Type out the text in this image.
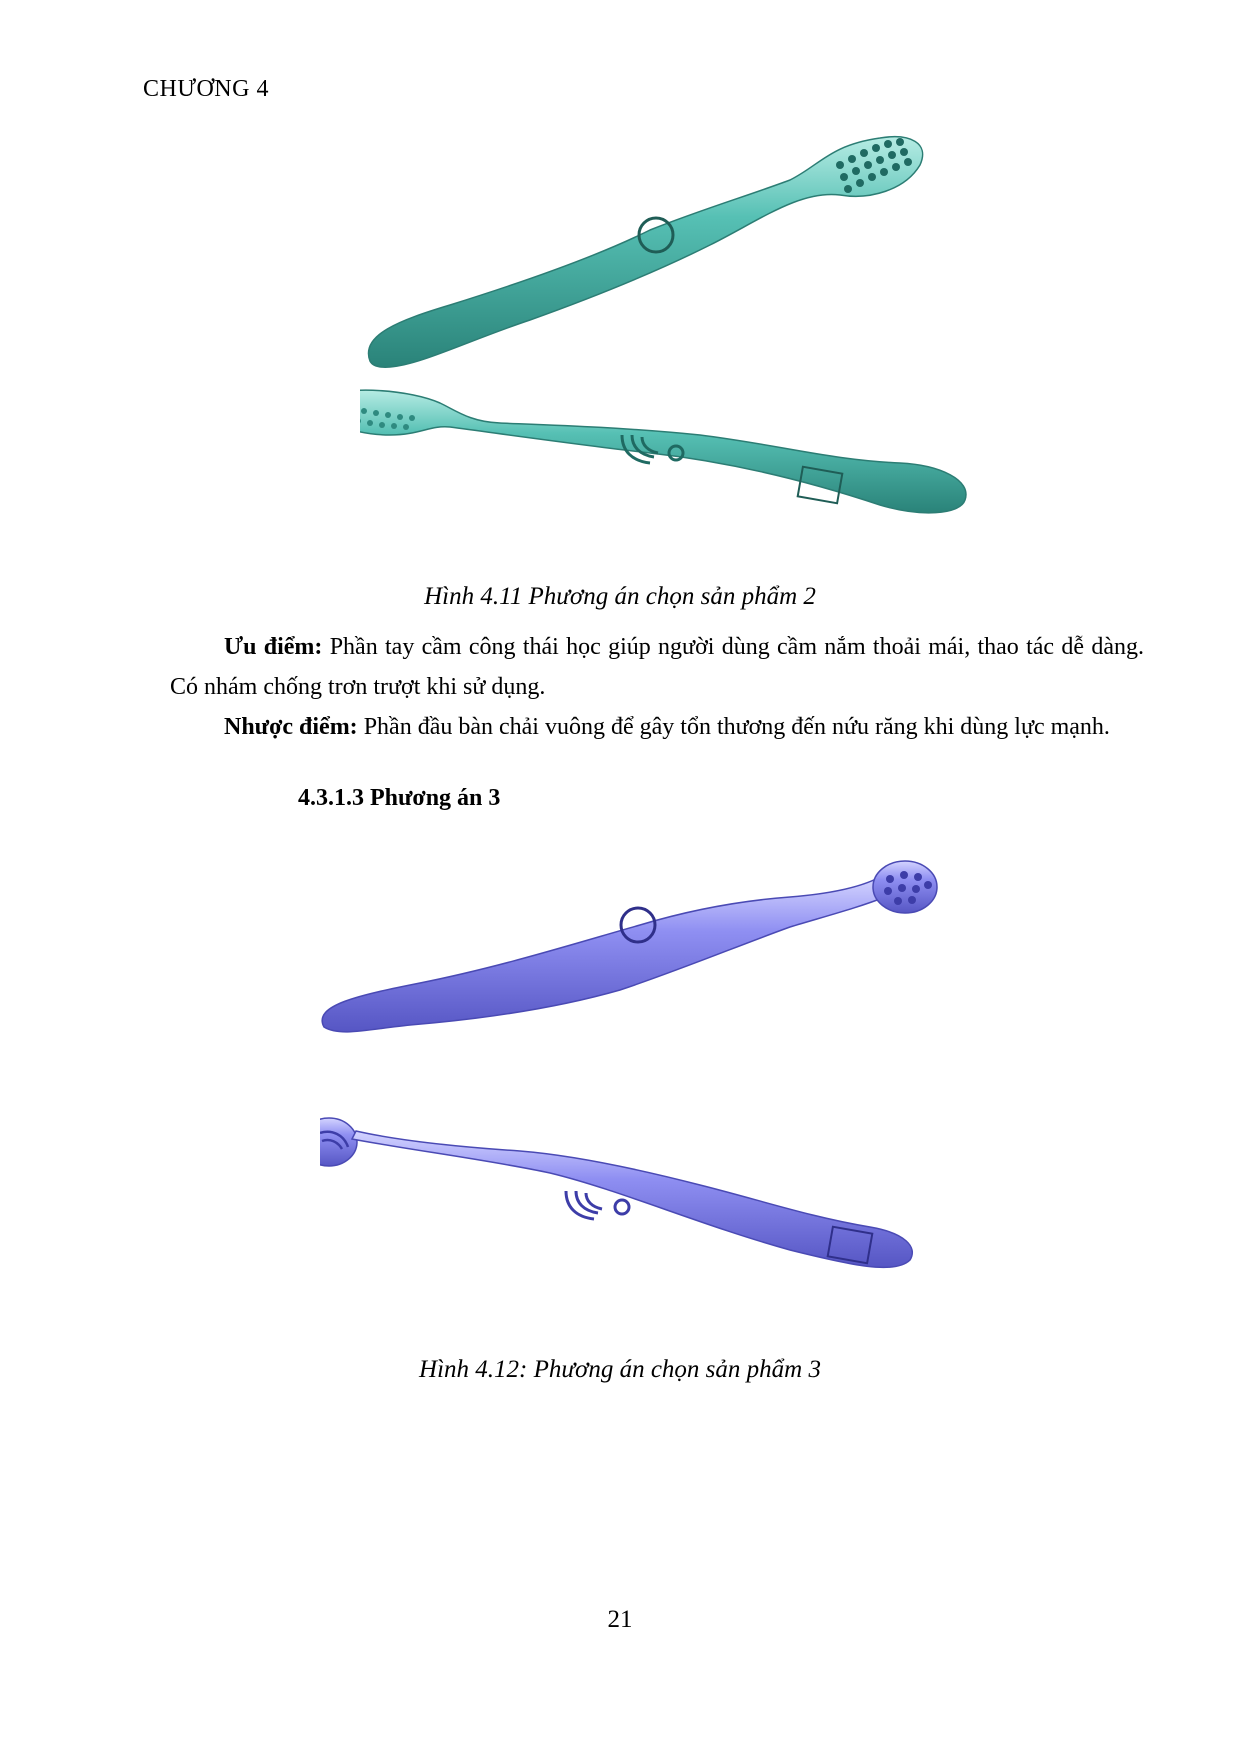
CHƯƠNG 4
Hình 4.11 Phương án chọn sản phẩm 2
Ưu điểm: Phần tay cầm công thái học giúp người dùng cầm nắm thoải mái, thao tác dễ dàng. Có nhám chống trơn trượt khi sử dụng.
Nhược điểm: Phần đầu bàn chải vuông để gây tổn thương đến nứu răng khi dùng lực mạnh.
4.3.1.3 Phương án 3
Hình 4.12: Phương án chọn sản phẩm 3
21
